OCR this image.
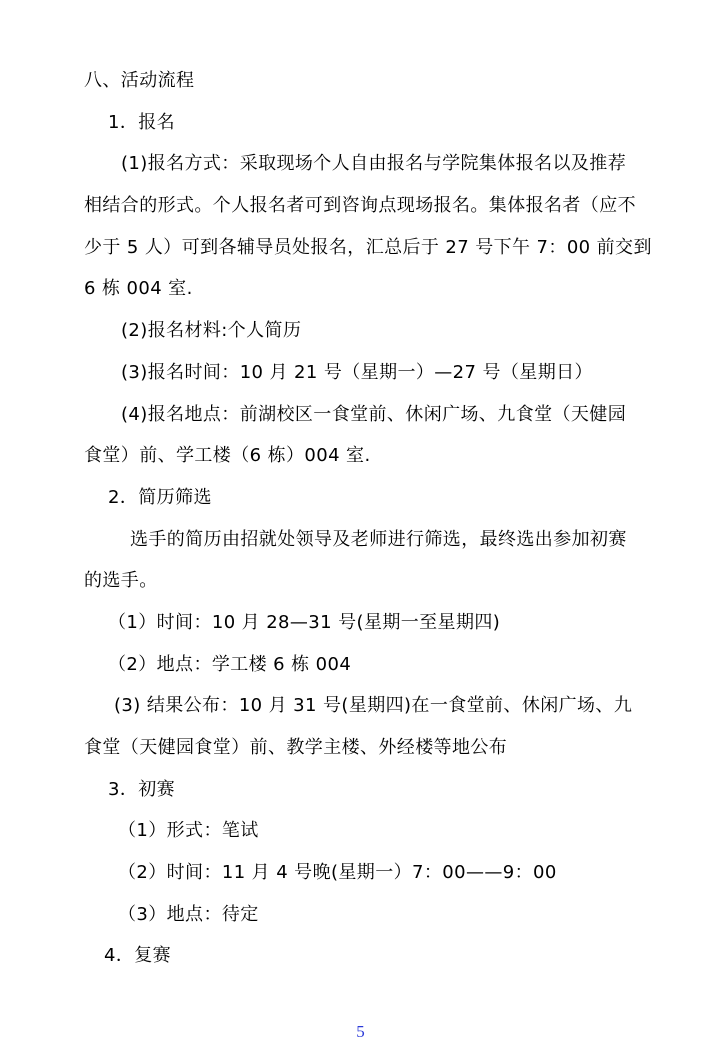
八、活动流程
1．报名
(1)报名方式：采取现场个人自由报名与学院集体报名以及推荐
相结合的形式。个人报名者可到咨询点现场报名。集体报名者（应不
少于 5 人）可到各辅导员处报名，汇总后于 27 号下午 7：00 前交到
6 栋 004 室.
(2)报名材料:个人简历
(3)报名时间：10 月 21 号（星期一）—27 号（星期日）
(4)报名地点：前湖校区一食堂前、休闲广场、九食堂（天健园
食堂）前、学工楼（6 栋）004 室.
2．简历筛选
选手的简历由招就处领导及老师进行筛选，最终选出参加初赛
的选手。
（1）时间：10 月 28—31 号(星期一至星期四)
（2）地点：学工楼 6 栋 004
(3) 结果公布：10 月 31 号(星期四)在一食堂前、休闲广场、九
食堂（天健园食堂）前、教学主楼、外经楼等地公布
3．初赛
（1）形式：笔试
（2）时间：11 月 4 号晚(星期一）7：00——9：00
（3）地点：待定
4．复赛
5
